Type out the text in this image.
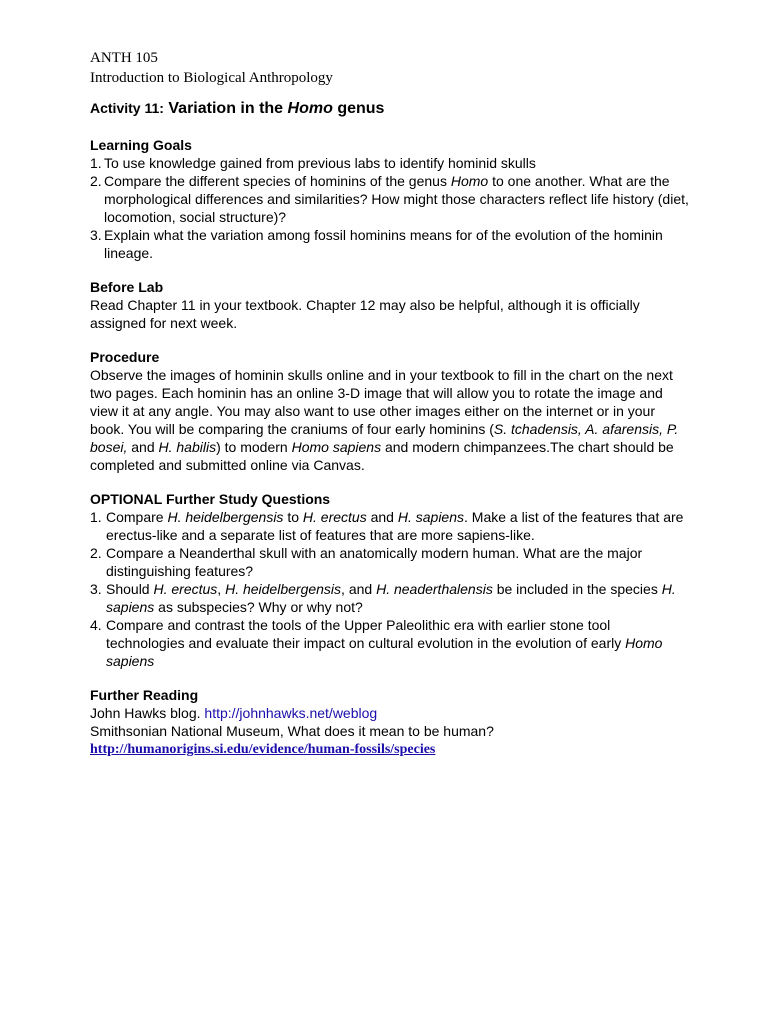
ANTH 105
Introduction to Biological Anthropology
Activity 11: Variation in the Homo genus
Learning Goals
1. To use knowledge gained from previous labs to identify hominid skulls
2. Compare the different species of hominins of the genus Homo to one another. What are the morphological differences and similarities? How might those characters reflect life history (diet, locomotion, social structure)?
3. Explain what the variation among fossil hominins means for of the evolution of the hominin lineage.
Before Lab

Read Chapter 11 in your textbook. Chapter 12 may also be helpful, although it is officially assigned for next week.

Procedure

Observe the images of hominin skulls online and in your textbook to fill in the chart on the next two pages. Each hominin has an online 3-D image that will allow you to rotate the image and view it at any angle. You may also want to use other images either on the internet or in your book. You will be comparing the craniums of four early hominins (S. tchadensis, A. afarensis, P. bosei, and H. habilis) to modern Homo sapiens and modern chimpanzees.The chart should be completed and submitted online via Canvas.

OPTIONAL Further Study Questions
1. Compare H. heidelbergensis to H. erectus and H. sapiens. Make a list of the features that are erectus-like and a separate list of features that are more sapiens-like.
2. Compare a Neanderthal skull with an anatomically modern human. What are the major distinguishing features?
3. Should H. erectus, H. heidelbergensis, and H. neaderthalensis be included in the species H. sapiens as subspecies? Why or why not?
4. Compare and contrast the tools of the Upper Paleolithic era with earlier stone tool technologies and evaluate their impact on cultural evolution in the evolution of early Homo sapiens
Further Reading
John Hawks blog. http://johnhawks.net/weblog
Smithsonian National Museum, What does it mean to be human?
http://humanorigins.si.edu/evidence/human-fossils/species
